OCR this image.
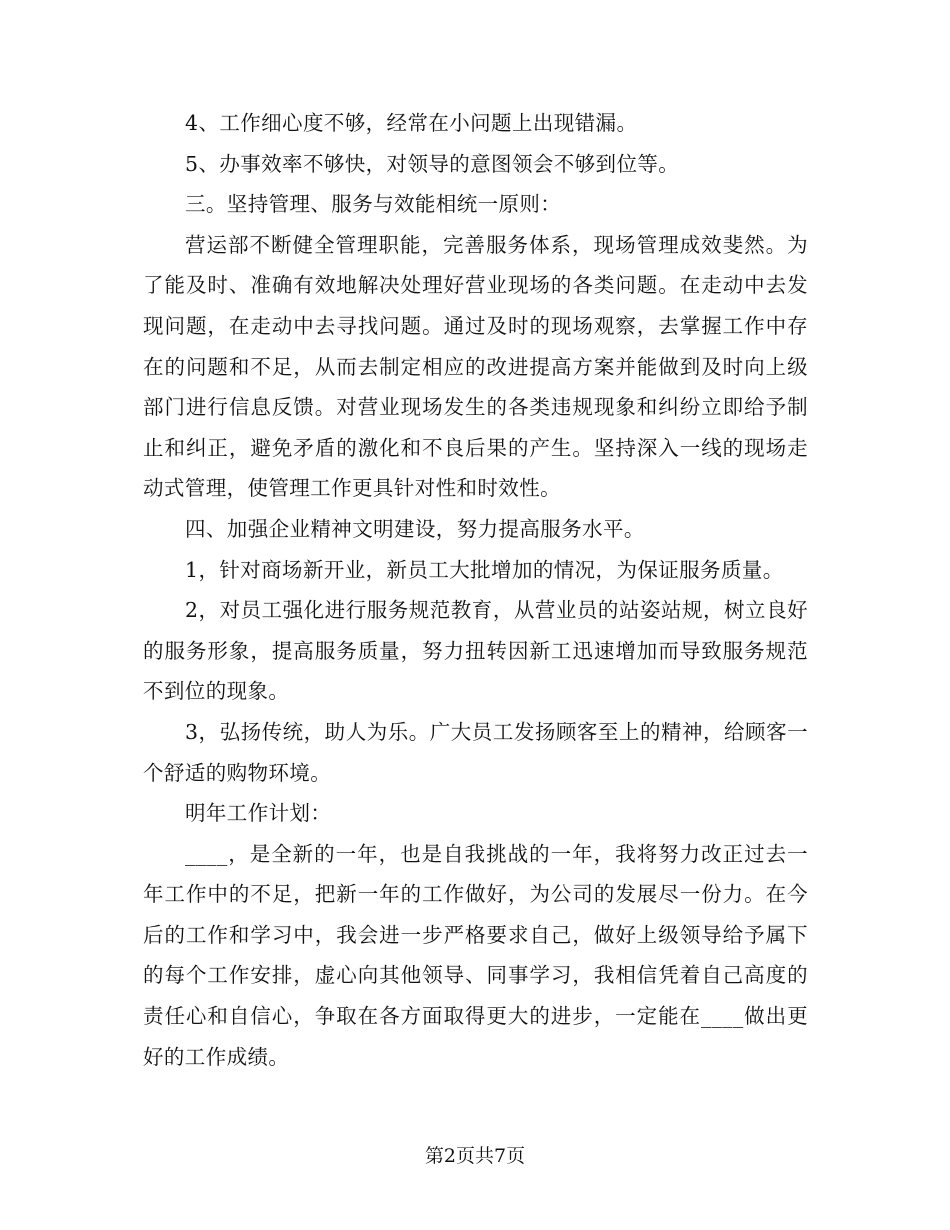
4、工作细心度不够，经常在小问题上出现错漏。

5、办事效率不够快，对领导的意图领会不够到位等。

三。坚持管理、服务与效能相统一原则：

营运部不断健全管理职能，完善服务体系，现场管理成效斐然。为了能及时、准确有效地解决处理好营业现场的各类问题。在走动中去发现问题，在走动中去寻找问题。通过及时的现场观察，去掌握工作中存在的问题和不足，从而去制定相应的改进提高方案并能做到及时向上级部门进行信息反馈。对营业现场发生的各类违规现象和纠纷立即给予制止和纠正，避免矛盾的激化和不良后果的产生。坚持深入一线的现场走动式管理，使管理工作更具针对性和时效性。

四、加强企业精神文明建设，努力提高服务水平。

1，针对商场新开业，新员工大批增加的情况，为保证服务质量。

2，对员工强化进行服务规范教育，从营业员的站姿站规，树立良好的服务形象，提高服务质量，努力扭转因新工迅速增加而导致服务规范不到位的现象。

3，弘扬传统，助人为乐。广大员工发扬顾客至上的精神，给顾客一个舒适的购物环境。

明年工作计划：

____，是全新的一年，也是自我挑战的一年，我将努力改正过去一年工作中的不足，把新一年的工作做好，为公司的发展尽一份力。在今后的工作和学习中，我会进一步严格要求自己，做好上级领导给予属下的每个工作安排，虚心向其他领导、同事学习，我相信凭着自己高度的责任心和自信心，争取在各方面取得更大的进步，一定能在____做出更好的工作成绩。

第2页共7页
